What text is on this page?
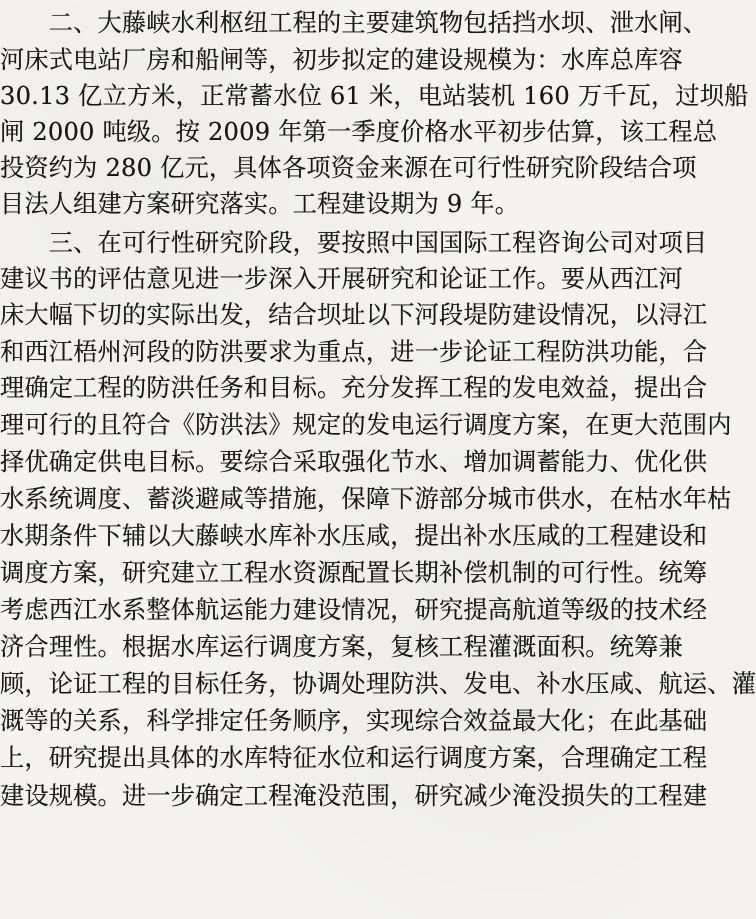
　　二、大藤峡水利枢纽工程的主要建筑物包括挡水坝、泄水闸、
河床式电站厂房和船闸等，初步拟定的建设规模为：水库总库容
30.13 亿立方米，正常蓄水位 61 米，电站装机 160 万千瓦，过坝船
闸 2000 吨级。按 2009 年第一季度价格水平初步估算，该工程总
投资约为 280 亿元，具体各项资金来源在可行性研究阶段结合项
目法人组建方案研究落实。工程建设期为 9 年。
　　三、在可行性研究阶段，要按照中国国际工程咨询公司对项目
建议书的评估意见进一步深入开展研究和论证工作。要从西江河
床大幅下切的实际出发，结合坝址以下河段堤防建设情况，以浔江
和西江梧州河段的防洪要求为重点，进一步论证工程防洪功能，合
理确定工程的防洪任务和目标。充分发挥工程的发电效益，提出合
理可行的且符合《防洪法》规定的发电运行调度方案，在更大范围内
择优确定供电目标。要综合采取强化节水、增加调蓄能力、优化供
水系统调度、蓄淡避咸等措施，保障下游部分城市供水，在枯水年枯
水期条件下辅以大藤峡水库补水压咸，提出补水压咸的工程建设和
调度方案，研究建立工程水资源配置长期补偿机制的可行性。统筹
考虑西江水系整体航运能力建设情况，研究提高航道等级的技术经
济合理性。根据水库运行调度方案，复核工程灌溉面积。统筹兼
顾，论证工程的目标任务，协调处理防洪、发电、补水压咸、航运、灌
溉等的关系，科学排定任务顺序，实现综合效益最大化；在此基础
上，研究提出具体的水库特征水位和运行调度方案，合理确定工程
建设规模。进一步确定工程淹没范围，研究减少淹没损失的工程建
